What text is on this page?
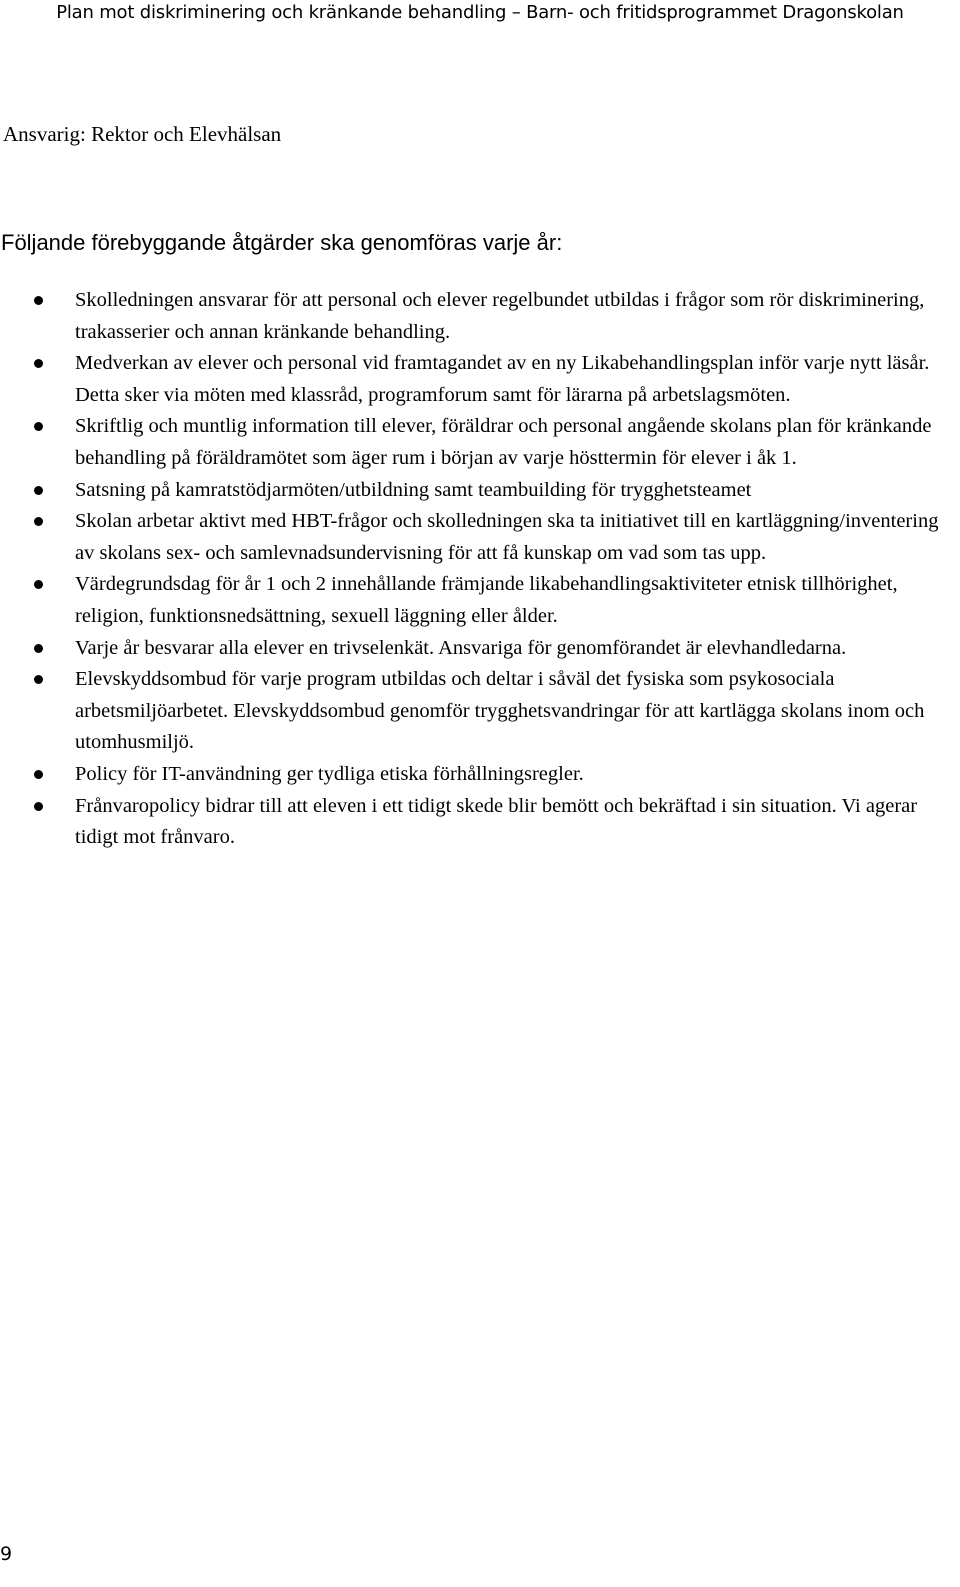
Plan mot diskriminering och kränkande behandling – Barn- och fritidsprogrammet Dragonskolan
Ansvarig: Rektor och Elevhälsan
Följande förebyggande åtgärder ska genomföras varje år:
Skolledningen ansvarar för att personal och elever regelbundet utbildas i frågor som rör diskriminering, trakasserier och annan kränkande behandling.
Medverkan av elever och personal vid framtagandet av en ny Likabehandlingsplan inför varje nytt läsår. Detta sker via möten med klassråd, programforum samt för lärarna på arbetslagsmöten.
Skriftlig och muntlig information till elever, föräldrar och personal angående skolans plan för kränkande behandling på föräldramötet som äger rum i början av varje hösttermin för elever i åk 1.
Satsning på kamratstödjarmöten/utbildning samt teambuilding för trygghetsteamet
Skolan arbetar aktivt med HBT-frågor och skolledningen ska ta initiativet till en kartläggning/inventering av skolans sex- och samlevnadsundervisning för att få kunskap om vad som tas upp.
Värdegrundsdag för år 1 och 2 innehållande främjande likabehandlingsaktiviteter etnisk tillhörighet, religion, funktionsnedsättning, sexuell läggning eller ålder.
Varje år besvarar alla elever en trivselenkät. Ansvariga för genomförandet är elevhandledarna.
Elevskyddsombud för varje program utbildas och deltar i såväl det fysiska som psykosociala arbetsmiljöarbetet. Elevskyddsombud genomför trygghetsvandringar för att kartlägga skolans inom och utomhusmiljö.
Policy för IT-användning ger tydliga etiska förhållningsregler.
Frånvaropolicy bidrar till att eleven i ett tidigt skede blir bemött och bekräftad i sin situation. Vi agerar tidigt mot frånvaro.
9
